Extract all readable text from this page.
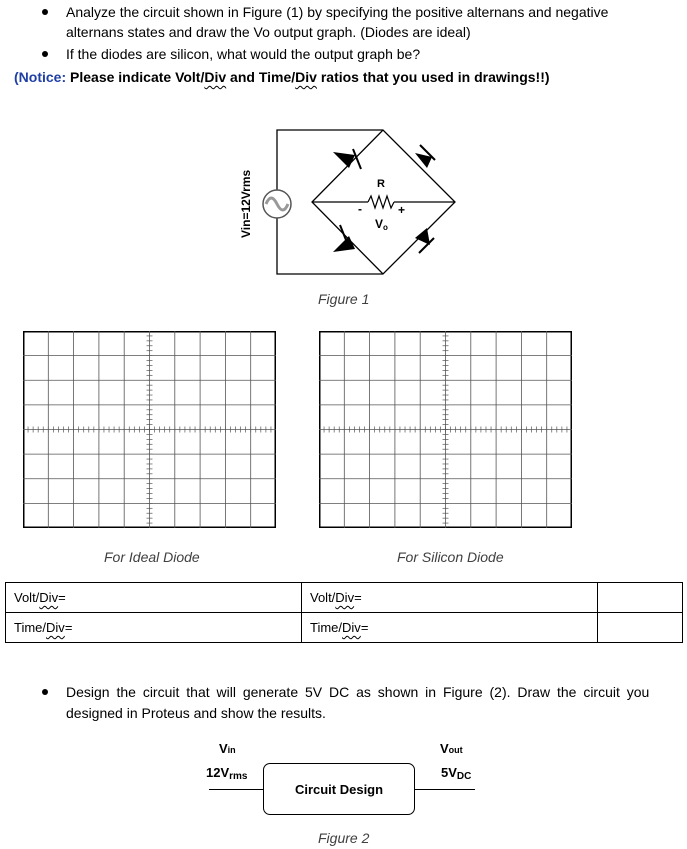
Analyze the circuit shown in Figure (1) by specifying the positive alternans and negative
alternans states and draw the Vo output graph. (Diodes are ideal)
If the diodes are silicon, what would the output graph be?
(Notice: Please indicate Volt/Div and Time/Div ratios that you used in drawings!!)
Vin=12Vrms	R
-	+
Vo
Figure 1
For Ideal Diode	For Silicon Diode
Volt/Div=	Volt/Div=	
Time/Div=	Time/Div=	
Design the circuit that will generate 5V DC as shown in Figure (2). Draw the circuit you
designed in Proteus and show the results.
Vin
12Vrms
Circuit Design
Vout
5VDC
Figure 2
